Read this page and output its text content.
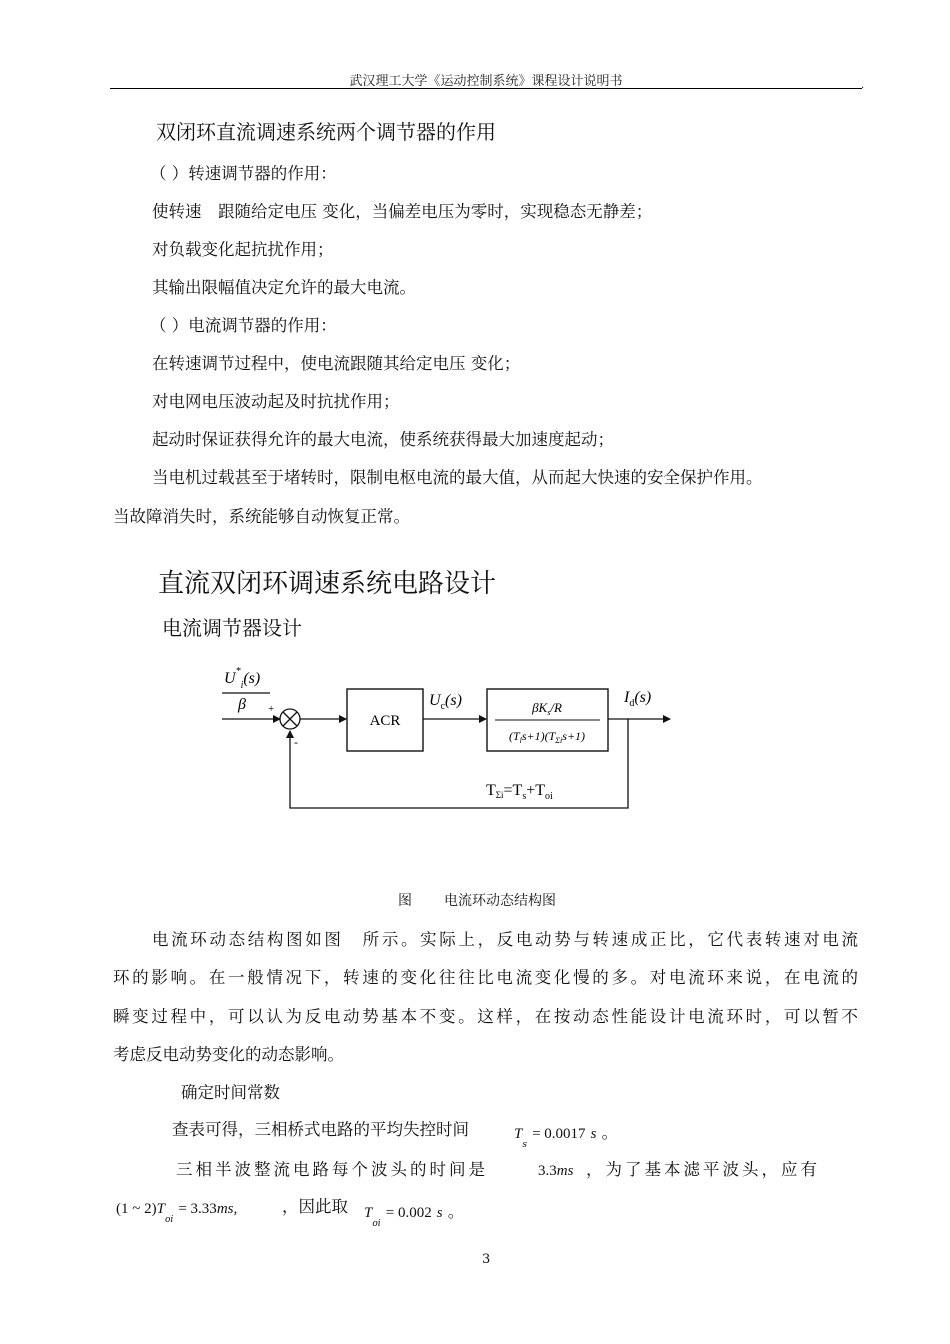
武汉理工大学《运动控制系统》课程设计说明书	.
双闭环直流调速系统两个调节器的作用
（ ）转速调节器的作用：
使转速　跟随给定电压 变化，当偏差电压为零时，实现稳态无静差；
对负载变化起抗扰作用；
其输出限幅值决定允许的最大电流。
（ ）电流调节器的作用：
在转速调节过程中，使电流跟随其给定电压 变化；
对电网电压波动起及时抗扰作用；
起动时保证获得允许的最大电流，使系统获得最大加速度起动；
当电机过载甚至于堵转时，限制电枢电流的最大值，从而起大快速的安全保护作用。
当故障消失时，系统能够自动恢复正常。
直流双闭环调速系统电路设计
电流调节器设计
$U^*_i(s)$
β +
-
ACR
$U_c(s)$	$\beta K_s/R$
$(T_ls+1)(T_{\Sigma i}s+1)$
$I_d(s)$
$T\Sigma i=T_s+T_{oi}$
图 电流环动态结构图
电流环动态结构图如图　所示。实际上，反电动势与转速成正比，它代表转速对电流
环的影响。在一般情况下，转速的变化往往比电流变化慢的多。对电流环来说，在电流的
瞬变过程中，可以认为反电动势基本不变。这样，在按动态性能设计电流环时，可以暂不
考虑反电动势变化的动态影响。
确定时间常数
查表可得，三相桥式电路的平均失控时间	$T_s = 0.0017$ s 。
三相半波整流电路每个波头的时间是	3.3ms ，为了基本滤平波头，应有
(1 ~ $2)T_{oi} = 3.33ms$,	，因此取 $T_{oi} = 0.002$ s 。
3
